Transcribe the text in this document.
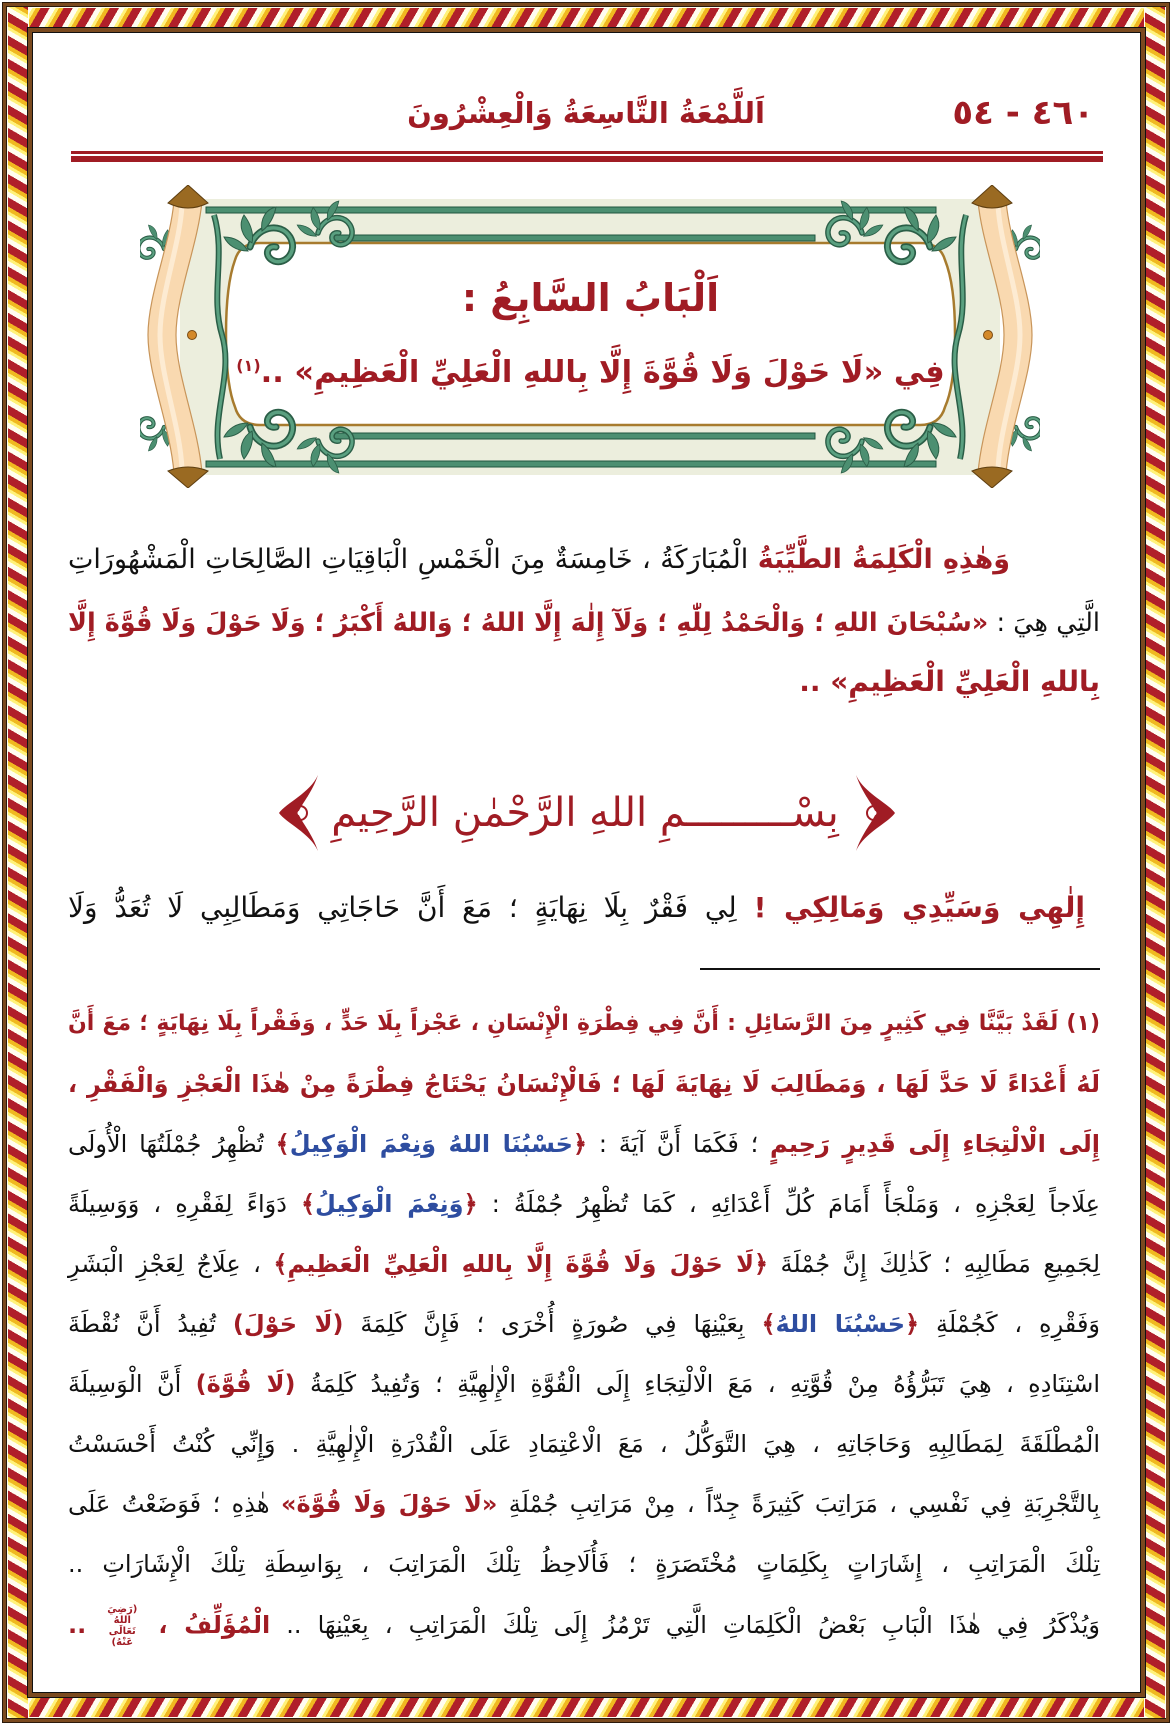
٤٦٠ - ٥٤
اَللَّمْعَةُ التَّاسِعَةُ وَالْعِشْرُونَ
اَلْبَابُ السَّابِعُ :
فِي «لَا حَوْلَ وَلَا قُوَّةَ إِلَّا بِاللهِ الْعَلِيِّ الْعَظِيمِ» ..$^{(١)}$
وَهٰذِهِ الْكَلِمَةُ الطَّيِّبَةُ الْمُبَارَكَةُ ، خَامِسَةٌ مِنَ الْخَمْسِ الْبَاقِيَاتِ الصَّالِحَاتِ الْمَشْهُورَاتِ
الَّتِي هِيَ : «سُبْحَانَ اللهِ ؛ وَالْحَمْدُ لِلّٰهِ ؛ وَلَآ إِلٰهَ إِلَّا اللهُ ؛ وَاللهُ أَكْبَرُ ؛ وَلَا حَوْلَ وَلَا قُوَّةَ إِلَّا
بِاللهِ الْعَلِيِّ الْعَظِيمِ» ..
بِسْـــــــــمِ اللهِ الرَّحْمٰنِ الرَّحِيمِ
إِلٰهِي وَسَيِّدِي وَمَالِكِي ! لِي فَقْرٌ بِلَا نِهَايَةٍ ؛ مَعَ أَنَّ حَاجَاتِي وَمَطَالِبِي لَا تُعَدُّ وَلَا
(١) لَقَدْ بَيَّنَّا فِي كَثِيرٍ مِنَ الرَّسَائِلِ : أَنَّ فِي فِطْرَةِ الْإِنْسَانِ ، عَجْزاً بِلَا حَدٍّ ، وَفَقْراً بِلَا نِهَايَةٍ ؛ مَعَ أَنَّ
لَهُ أَعْدَاءً لَا حَدَّ لَهَا ، وَمَطَالِبَ لَا نِهَايَةَ لَهَا ؛ فَالْإِنْسَانُ يَحْتَاجُ فِطْرَةً مِنْ هٰذَا الْعَجْزِ وَالْفَقْرِ ،
إِلَى الْالْتِجَاءِ إِلَى قَدِيرٍ رَحِيمٍ ؛ فَكَمَا أَنَّ آيَةَ : ﴿حَسْبُنَا اللهُ وَنِعْمَ الْوَكِيلُ﴾ تُظْهِرُ جُمْلَتُهَا الْأُولَى
عِلَاجاً لِعَجْزِهِ ، وَمَلْجَأً أَمَامَ كُلِّ أَعْدَائِهِ ، كَمَا تُظْهِرُ جُمْلَةُ : ﴿وَنِعْمَ الْوَكِيلُ﴾ دَوَاءً لِفَقْرِهِ ، وَوَسِيلَةً
لِجَمِيعِ مَطَالِبِهِ ؛ كَذٰلِكَ إِنَّ جُمْلَةَ ﴿لَا حَوْلَ وَلَا قُوَّةَ إِلَّا بِاللهِ الْعَلِيِّ الْعَظِيمِ﴾ ، عِلَاجٌ لِعَجْزِ الْبَشَرِ
وَفَقْرِهِ ، كَجُمْلَةِ ﴿حَسْبُنَا اللهُ﴾ بِعَيْنِهَا فِي صُورَةٍ أُخْرَى ؛ فَإِنَّ كَلِمَةَ (لَا حَوْلَ) تُفِيدُ أَنَّ نُقْطَةَ
اسْتِنَادِهِ ، هِيَ تَبَرُّؤُهُ مِنْ قُوَّتِهِ ، مَعَ الْالْتِجَاءِ إِلَى الْقُوَّةِ الْإِلٰهِيَّةِ ؛ وَتُفِيدُ كَلِمَةُ (لَا قُوَّةَ) أَنَّ الْوَسِيلَةَ
الْمُطْلَقَةَ لِمَطَالِبِهِ وَحَاجَاتِهِ ، هِيَ التَّوَكُّلُ ، مَعَ الْاعْتِمَادِ عَلَى الْقُدْرَةِ الْإِلٰهِيَّةِ . وَإِنِّي كُنْتُ أَحْسَسْتُ
بِالتَّجْرِبَةِ فِي نَفْسِي ، مَرَاتِبَ كَثِيرَةً جِدّاً ، مِنْ مَرَاتِبِ جُمْلَةِ «لَا حَوْلَ وَلَا قُوَّةَ» هٰذِهِ ؛ فَوَضَعْتُ عَلَى
تِلْكَ الْمَرَاتِبِ ، إِشَارَاتٍ بِكَلِمَاتٍ مُخْتَصَرَةٍ ؛ فَأُلَاحِظُ تِلْكَ الْمَرَاتِبَ ، بِوَاسِطَةِ تِلْكَ الْإِشَارَاتِ ..
وَيُذْكَرُ فِي هٰذَا الْبَابِ بَعْضُ الْكَلِمَاتِ الَّتِي تَرْمُزُ إِلَى تِلْكَ الْمَرَاتِبِ ، بِعَيْنِهَا .. الْمُؤَلِّفُ ، (رَضِيَ اللهُ تَعَالَى عَنْهُ) ..
